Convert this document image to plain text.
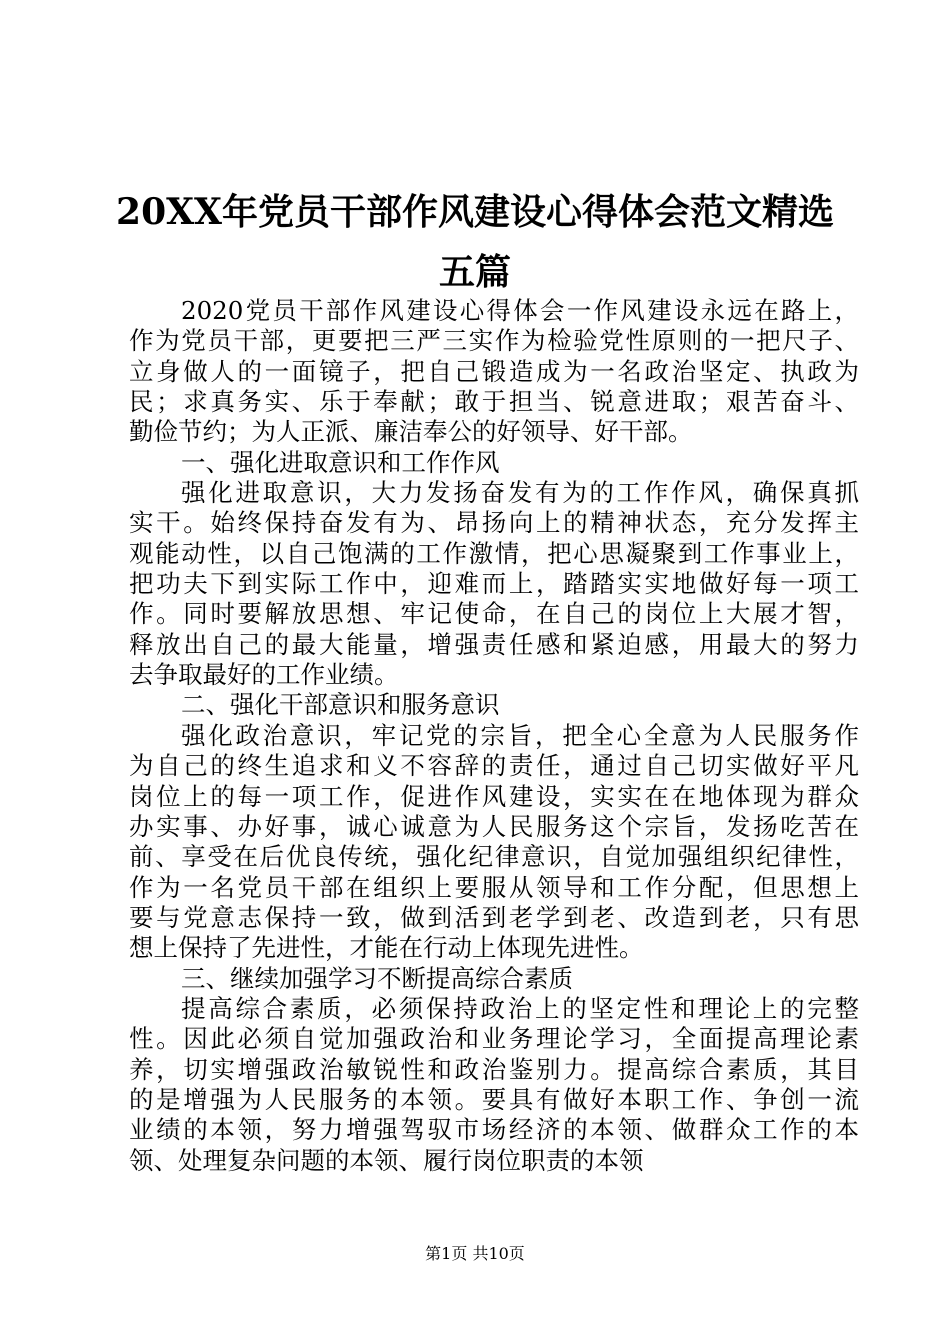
20XX年党员干部作风建设心得体会范文精选
五篇
2020党员干部作风建设心得体会一作风建设永远在路上，
作为党员干部，更要把三严三实作为检验党性原则的一把尺子、
立身做人的一面镜子，把自己锻造成为一名政治坚定、执政为
民；求真务实、乐于奉献；敢于担当、锐意进取；艰苦奋斗、
勤俭节约；为人正派、廉洁奉公的好领导、好干部。
一、强化进取意识和工作作风
强化进取意识，大力发扬奋发有为的工作作风，确保真抓
实干。始终保持奋发有为、昂扬向上的精神状态，充分发挥主
观能动性，以自己饱满的工作激情，把心思凝聚到工作事业上，
把功夫下到实际工作中，迎难而上，踏踏实实地做好每一项工
作。同时要解放思想、牢记使命，在自己的岗位上大展才智，
释放出自己的最大能量，增强责任感和紧迫感，用最大的努力
去争取最好的工作业绩。
二、强化干部意识和服务意识
强化政治意识，牢记党的宗旨，把全心全意为人民服务作
为自己的终生追求和义不容辞的责任，通过自己切实做好平凡
岗位上的每一项工作，促进作风建设，实实在在地体现为群众
办实事、办好事，诚心诚意为人民服务这个宗旨，发扬吃苦在
前、享受在后优良传统，强化纪律意识，自觉加强组织纪律性，
作为一名党员干部在组织上要服从领导和工作分配，但思想上
要与党意志保持一致，做到活到老学到老、改造到老，只有思
想上保持了先进性，才能在行动上体现先进性。
三、继续加强学习不断提高综合素质
提高综合素质，必须保持政治上的坚定性和理论上的完整
性。因此必须自觉加强政治和业务理论学习，全面提高理论素
养，切实增强政治敏锐性和政治鉴别力。提高综合素质，其目
的是增强为人民服务的本领。要具有做好本职工作、争创一流
业绩的本领，努力增强驾驭市场经济的本领、做群众工作的本
领、处理复杂问题的本领、履行岗位职责的本领
第1页 共10页
